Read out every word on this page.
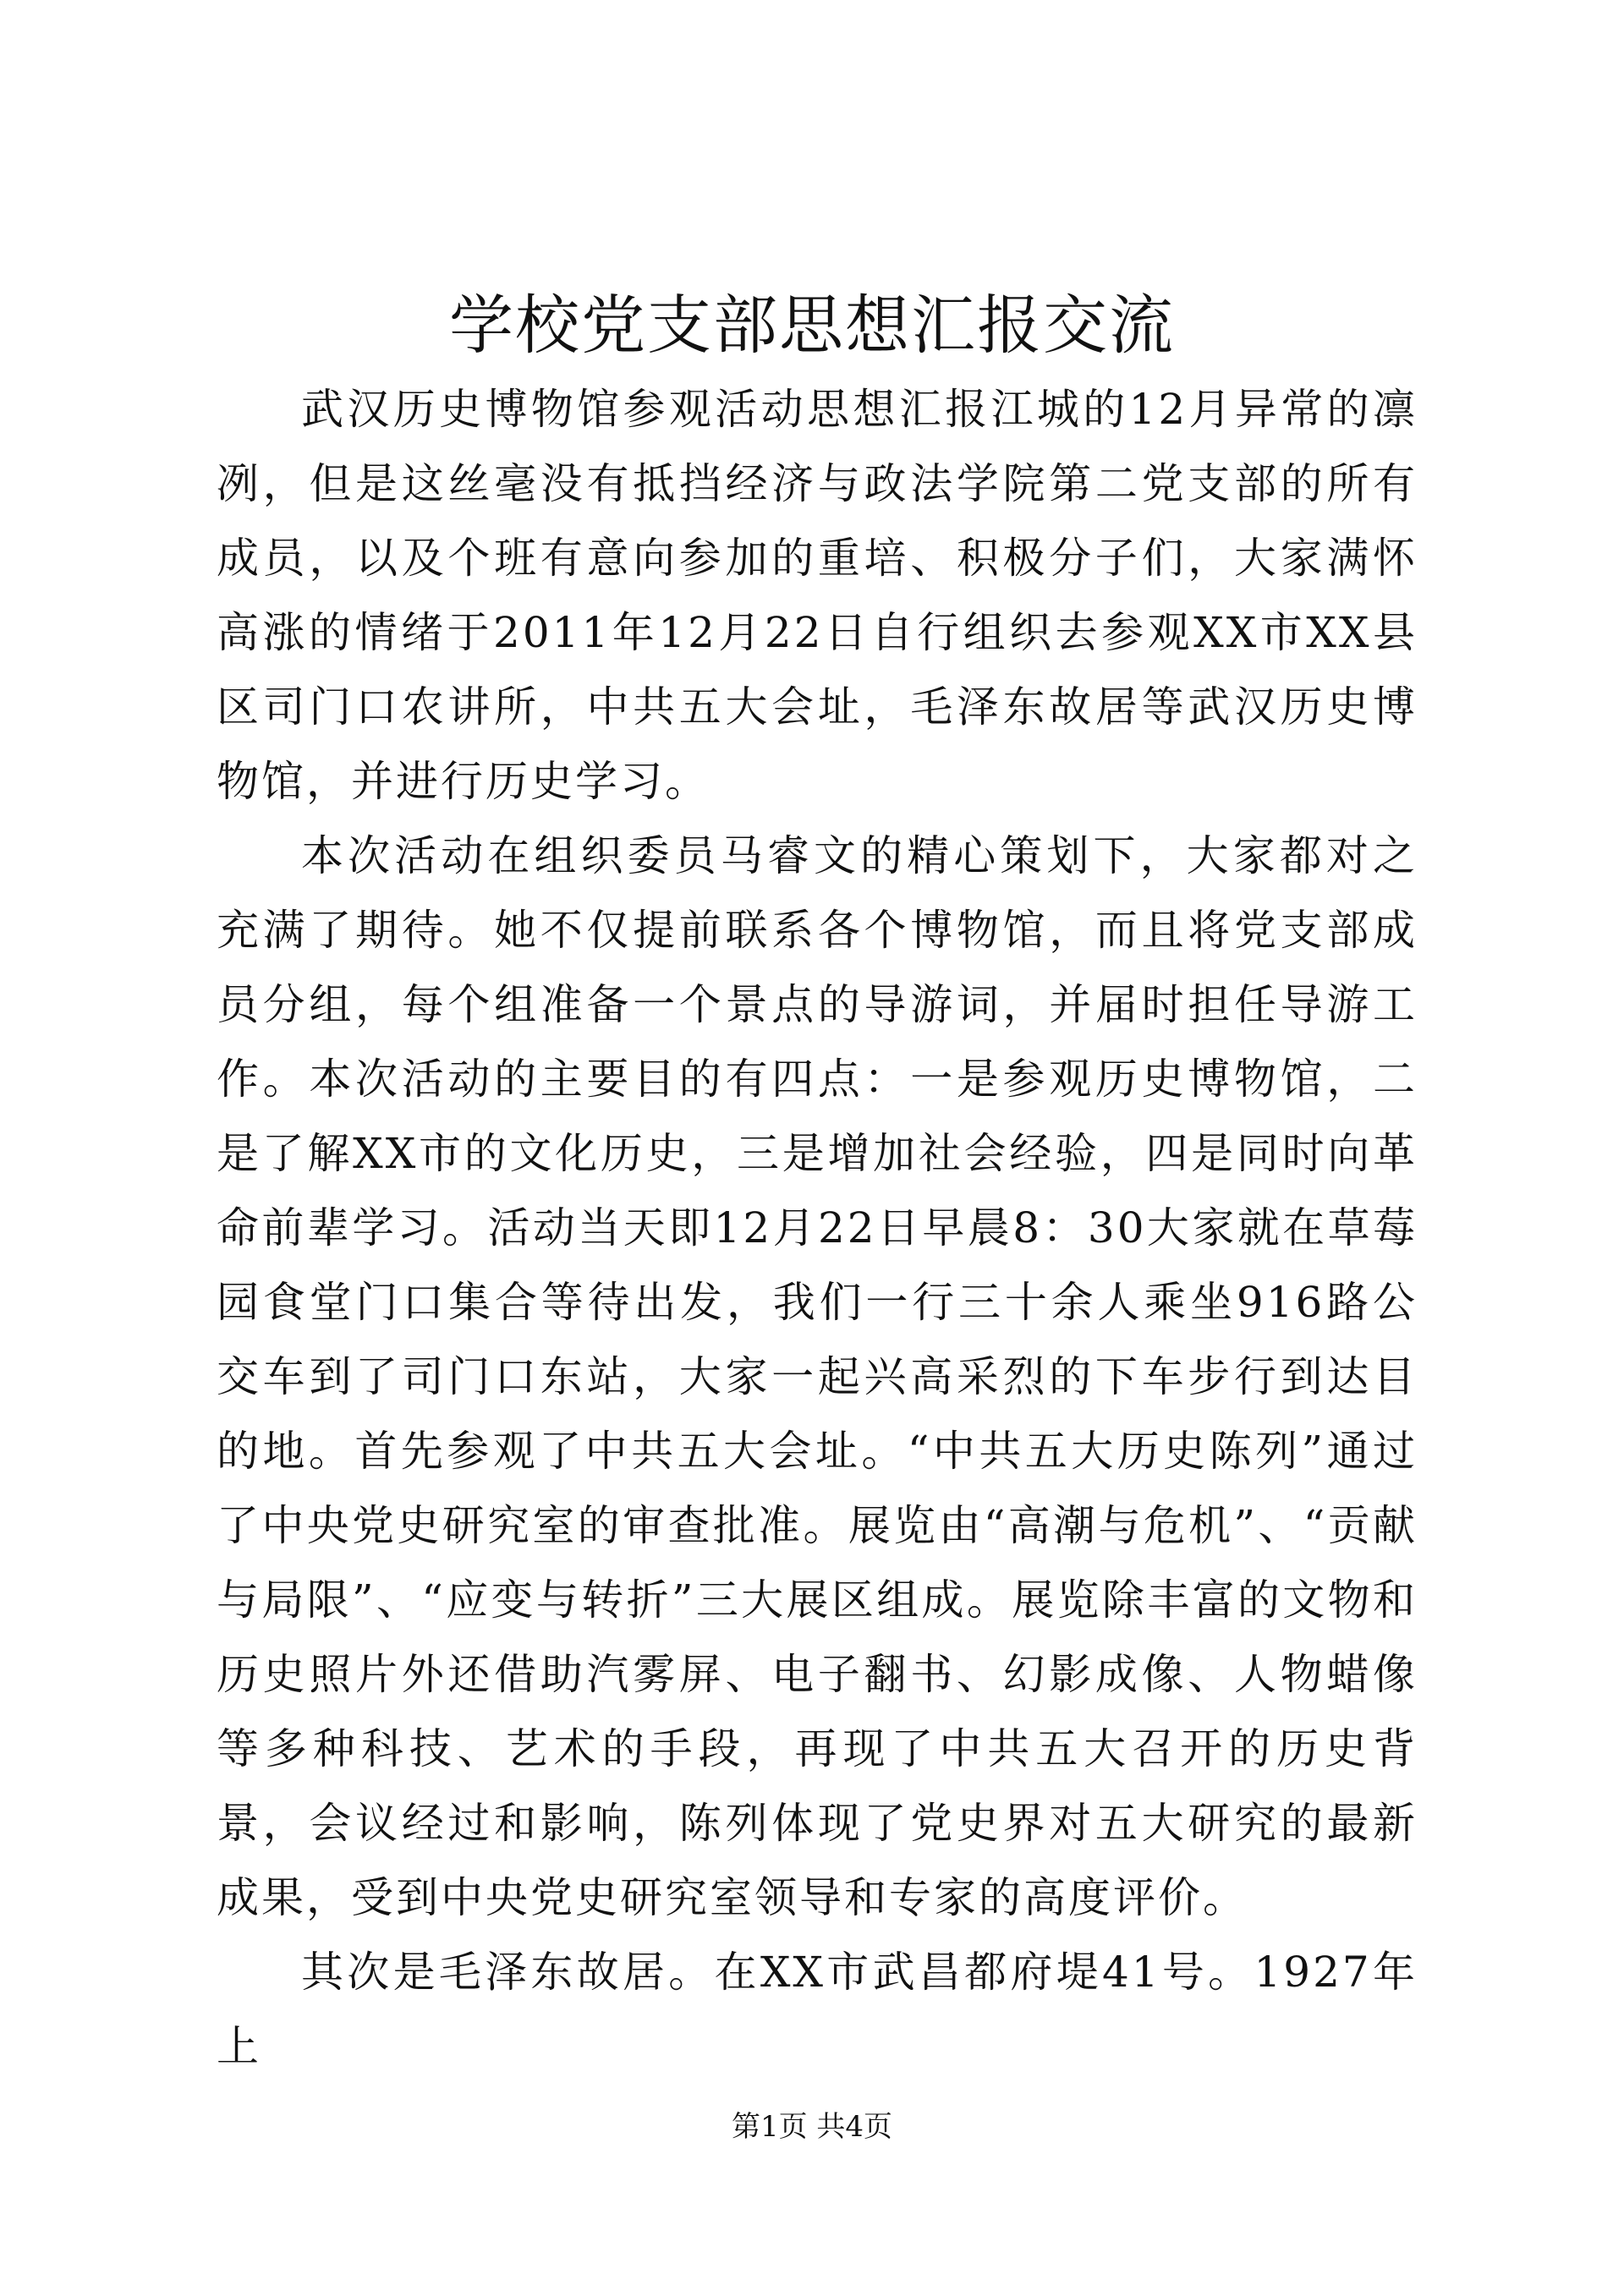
学校党支部思想汇报交流

武汉历史博物馆参观活动思想汇报江城的12月异常的凛冽，但是这丝毫没有抵挡经济与政法学院第二党支部的所有成员，以及个班有意向参加的重培、积极分子们，大家满怀高涨的情绪于2011年12月22日自行组织去参观XX市XX县区司门口农讲所，中共五大会址，毛泽东故居等武汉历史博物馆，并进行历史学习。

本次活动在组织委员马睿文的精心策划下，大家都对之充满了期待。她不仅提前联系各个博物馆，而且将党支部成员分组，每个组准备一个景点的导游词，并届时担任导游工作。本次活动的主要目的有四点：一是参观历史博物馆，二是了解XX市的文化历史，三是增加社会经验，四是同时向革命前辈学习。活动当天即12月22日早晨8：30大家就在草莓园食堂门口集合等待出发，我们一行三十余人乘坐916路公交车到了司门口东站，大家一起兴高采烈的下车步行到达目的地。首先参观了中共五大会址。“中共五大历史陈列”通过了中央党史研究室的审查批准。展览由“高潮与危机”、“贡献与局限”、“应变与转折”三大展区组成。展览除丰富的文物和历史照片外还借助汽雾屏、电子翻书、幻影成像、人物蜡像等多种科技、艺术的手段，再现了中共五大召开的历史背景，会议经过和影响，陈列体现了党史界对五大研究的最新成果，受到中央党史研究室领导和专家的高度评价。

其次是毛泽东故居。在XX市武昌都府堤41号。1927年上

第1页 共4页
